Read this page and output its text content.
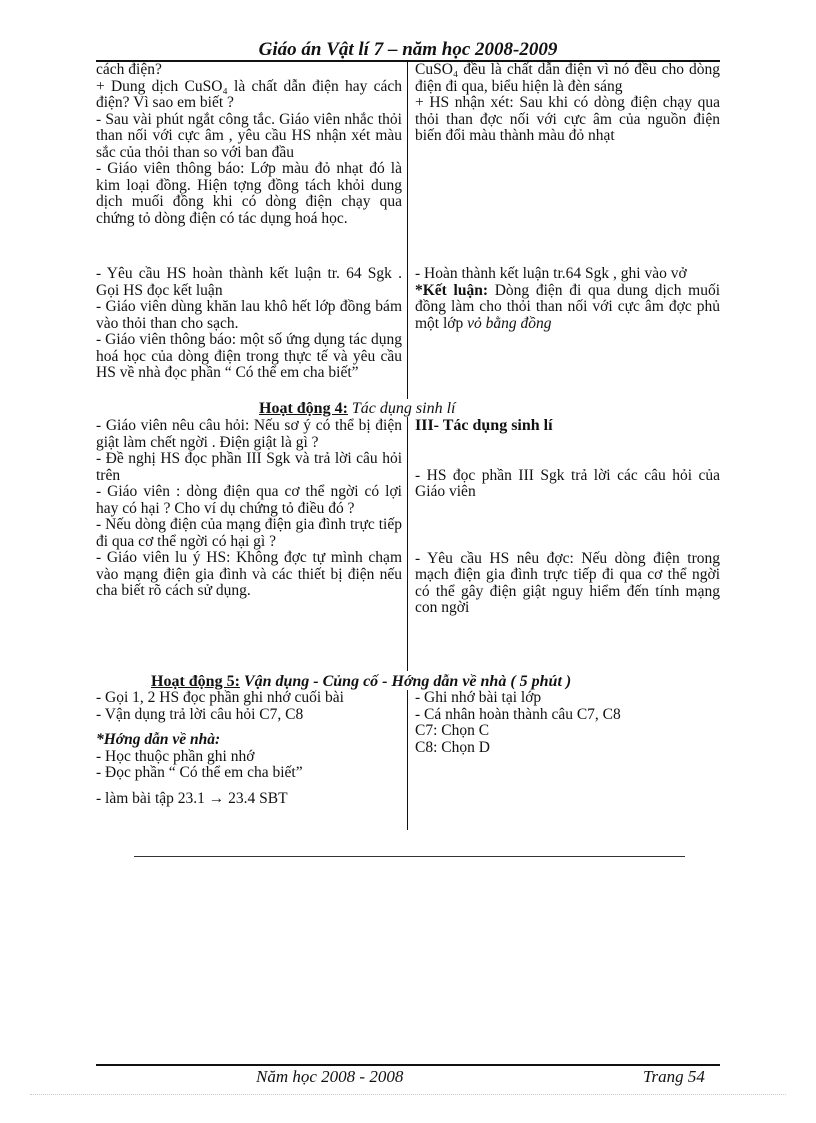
Giáo án Vật lí 7 – năm học 2008-2009

cách điện?

+ Dung dịch CuSO₄ là chất dẫn điện hay cách điện? Vì sao em biết ?

- Sau vài phút ngắt công tắc. Giáo viên nhắc thỏi than nối với cực âm , yêu cầu HS nhận xét màu sắc của thỏi than so với ban đầu

- Giáo viên thông báo: Lớp màu đỏ nhạt đó là kim loại đồng. Hiện tợng đồng tách khỏi dung dịch muối đồng khi có dòng điện chạy qua chứng tỏ dòng điện có tác dụng hoá học.

CuSO₄ đều là chất dẫn điện vì nó đều cho dòng điện đi qua, biểu hiện là đèn sáng

+ HS nhận xét: Sau khi có dòng điện chạy qua thỏi than đợc nối với cực âm của nguồn điện biến đổi màu thành màu đỏ nhạt

- Yêu cầu HS hoàn thành kết luận tr. 64 Sgk . Gọi HS đọc kết luận

- Giáo viên dùng khăn lau khô hết lớp đồng bám vào thỏi than cho sạch.

- Giáo viên thông báo: một số ứng dụng tác dụng hoá học của dòng điện trong thực tế và yêu cầu HS về nhà đọc phần “ Có thể em cha biết”

- Hoàn thành kết luận tr.64 Sgk , ghi vào vở

*Kết luận: Dòng điện đi qua dung dịch muối đồng làm cho thỏi than nối với cực âm đợc phủ một lớp vỏ bằng đồng

Hoạt động 4: Tác dụng sinh lí

- Giáo viên nêu câu hỏi: Nếu sơ ý có thể bị điện giật làm chết ngời . Điện giật là gì ?

- Đề nghị HS đọc phần III Sgk và trả lời câu hỏi trên

- Giáo viên : dòng điện qua cơ thể ngời có lợi hay có hại ? Cho ví dụ chứng tỏ điều đó ?

- Nếu dòng điện của mạng điện gia đình trực tiếp đi qua cơ thể ngời có hại gì ?

- Giáo viên lu ý HS: Không đợc tự mình chạm vào mạng điện gia đình và các thiết bị điện nếu cha biết rõ cách sử dụng.

III- Tác dụng sinh lí

- HS đọc phần III Sgk trả lời các câu hỏi của Giáo viên

- Yêu cầu HS nêu đợc: Nếu dòng điện trong mạch điện gia đình trực tiếp đi qua cơ thể ngời có thể gây điện giật nguy hiểm đến tính mạng con ngời

Hoạt động 5: Vận dụng - Củng cố - Hớng dẫn về nhà ( 5 phút )

- Gọi 1, 2 HS đọc phần ghi nhớ cuối bài

- Vận dụng trả lời câu hỏi C7, C8

*Hớng dẫn về nhà:

- Học thuộc phần ghi nhớ

- Đọc phần “ Có thể em cha biết”

- làm bài tập 23.1 → 23.4 SBT

- Ghi nhớ bài tại lớp

- Cá nhân hoàn thành câu C7, C8

C7: Chọn C

C8: Chọn D

Năm học 2008 - 2008	Trang 54
